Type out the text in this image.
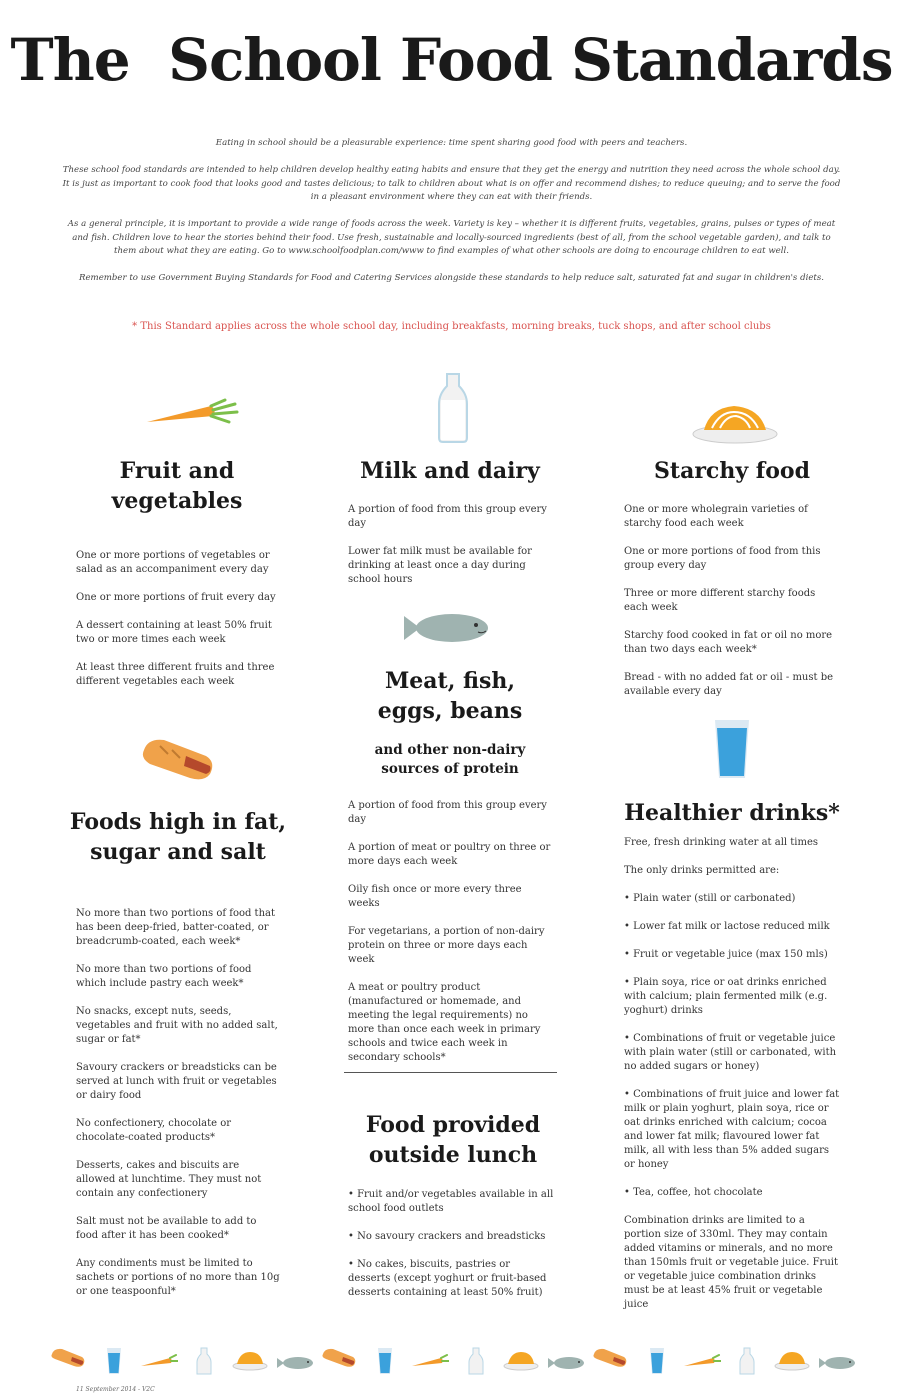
The  School Food Standards

Eating in school should be a pleasurable experience: time spent sharing good food with peers and teachers.

These school food standards are intended to help children develop healthy eating habits and ensure that they get the energy and nutrition they need across the whole school day. It is just as important to cook food that looks good and tastes delicious; to talk to children about what is on offer and recommend dishes; to reduce queuing; and to serve the food in a pleasant environment where they can eat with their friends.

As a general principle, it is important to provide a wide range of foods across the week. Variety is key – whether it is different fruits, vegetables, grains, pulses or types of meat and fish. Children love to hear the stories behind their food. Use fresh, sustainable and locally-sourced ingredients (best of all, from the school vegetable garden), and talk to them about what they are eating. Go to www.schoolfoodplan.com/www to find examples of what other schools are doing to encourage children to eat well.

Remember to use Government Buying Standards for Food and Catering Services alongside these standards to help reduce salt, saturated fat and sugar in children's diets.

* This Standard applies across the whole school day, including breakfasts, morning breaks, tuck shops, and after school clubs
Fruit and
vegetables
One or more portions of vegetables or salad as an accompaniment every day
One or more portions of fruit every day
A dessert containing at least 50% fruit two or more times each week
At least three different fruits and three different vegetables each week
Milk and dairy
A portion of food from this group every day
Lower fat milk must be available for drinking at least once a day during school hours
Starchy food
One or more wholegrain varieties of starchy food each week
One or more portions of food from this group every day
Three or more different starchy foods each week
Starchy food cooked in fat or oil no more than two days each week*
Bread - with no added fat or oil - must be available every day
Meat, fish,
eggs, beans
and other non-dairy
sources of protein
A portion of food from this group every day
A portion of meat or poultry on three or more days each week
Oily fish once or more every three weeks
For vegetarians, a portion of non-dairy protein on three or more days each week
A meat or poultry product (manufactured or homemade, and meeting the legal requirements) no more than once each week in primary schools and twice each week in secondary schools*
Foods high in fat,
sugar and salt
No more than two portions of food that has been deep-fried, batter-coated, or breadcrumb-coated, each week*
No more than two portions of food which include pastry each week*
No snacks, except nuts, seeds, vegetables and fruit with no added salt, sugar or fat*
Savoury crackers or breadsticks can be served at lunch with fruit or vegetables or dairy food
No confectionery, chocolate or chocolate-coated products*
Desserts, cakes and biscuits are allowed at lunchtime. They must not contain any confectionery
Salt must not be available to add to food after it has been cooked*
Any condiments must be limited to sachets or portions of no more than 10g or one teaspoonful*
Food provided
outside lunch
• Fruit and/or vegetables available in all school food outlets
• No savoury crackers and breadsticks
• No cakes, biscuits, pastries or desserts (except yoghurt or fruit-based desserts containing at least 50% fruit)
Healthier drinks*
Free, fresh drinking water at all times
The only drinks permitted are:
• Plain water (still or carbonated)
• Lower fat milk or lactose reduced milk
• Fruit or vegetable juice (max 150 mls)
• Plain soya, rice or oat drinks enriched with calcium; plain fermented milk (e.g. yoghurt) drinks
• Combinations of fruit or vegetable juice with plain water (still or carbonated, with no added sugars or honey)
• Combinations of fruit juice and lower fat milk or plain yoghurt, plain soya, rice or oat drinks enriched with calcium; cocoa and lower fat milk; flavoured lower fat milk, all with less than 5% added sugars or honey
• Tea, coffee, hot chocolate
Combination drinks are limited to a portion size of 330ml. They may contain added vitamins or minerals, and no more than 150mls fruit or vegetable juice. Fruit or vegetable juice combination drinks must be at least 45% fruit or vegetable juice
11 September 2014 - V2C
